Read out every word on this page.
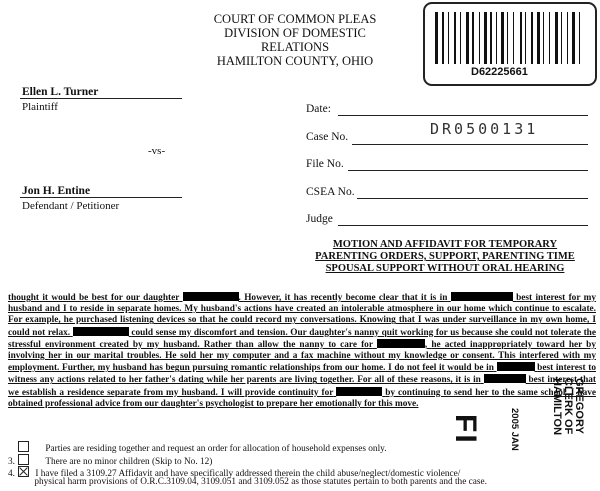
COURT OF COMMON PLEAS
DIVISION OF DOMESTIC RELATIONS
HAMILTON COUNTY, OHIO
D62225661
Ellen L. Turner
Plaintiff
-vs-
Jon H. Entine
Defendant / Petitioner
Date:
Case No.	DR0500131
File No.
CSEA No.
Judge
MOTION AND AFFIDAVIT FOR TEMPORARY
PARENTING ORDERS, SUPPORT, PARENTING TIME
SPOUSAL SUPPORT WITHOUT ORAL HEARING
thought it would be best for our daughter	. However, it has recently become clear that it is in	best interest for my husband and I to reside in separate homes. My husband's actions have created an intolerable atmosphere in our home which continue to escalate. For example, he purchased listening devices so that he could record my conversations. Knowing that I was under surveillance in my own home, I could not relax.	could sense my discomfort and tension. Our daughter's nanny quit working for us because she could not tolerate the stressful environment created by my husband. Rather than allow the nanny to care for	, he acted inappropriately toward her by involving her in our marital troubles. He sold her my computer and a fax machine without my knowledge or consent. This interfered with my employment. Further, my husband has begun pursuing romantic relationships from our home. I do not feel it would be in	best interest to witness any actions related to her father's dating while her parents are living together. For all of these reasons, it is in	best interest that we establish a residence separate from my husband. I will provide continuity for	by continuing to send her to the same school. I have obtained professional advice from our daughter's psychologist to prepare her emotionally for this move.
Parties are residing together and request an order for allocation of household expenses only.
3.	There are no minor children (Skip to No. 12)
4. I have filed a 3109.27 Affidavit and have specifically addressed therein the child abuse/neglect/domestic violence/
physical harm provisions of O.R.C.3109.04, 3109.051 and 3109.052 as those statutes pertain to both parents and the case.
GREGORY
CLERK OF
HAMILTON
2005 JAN
FI
